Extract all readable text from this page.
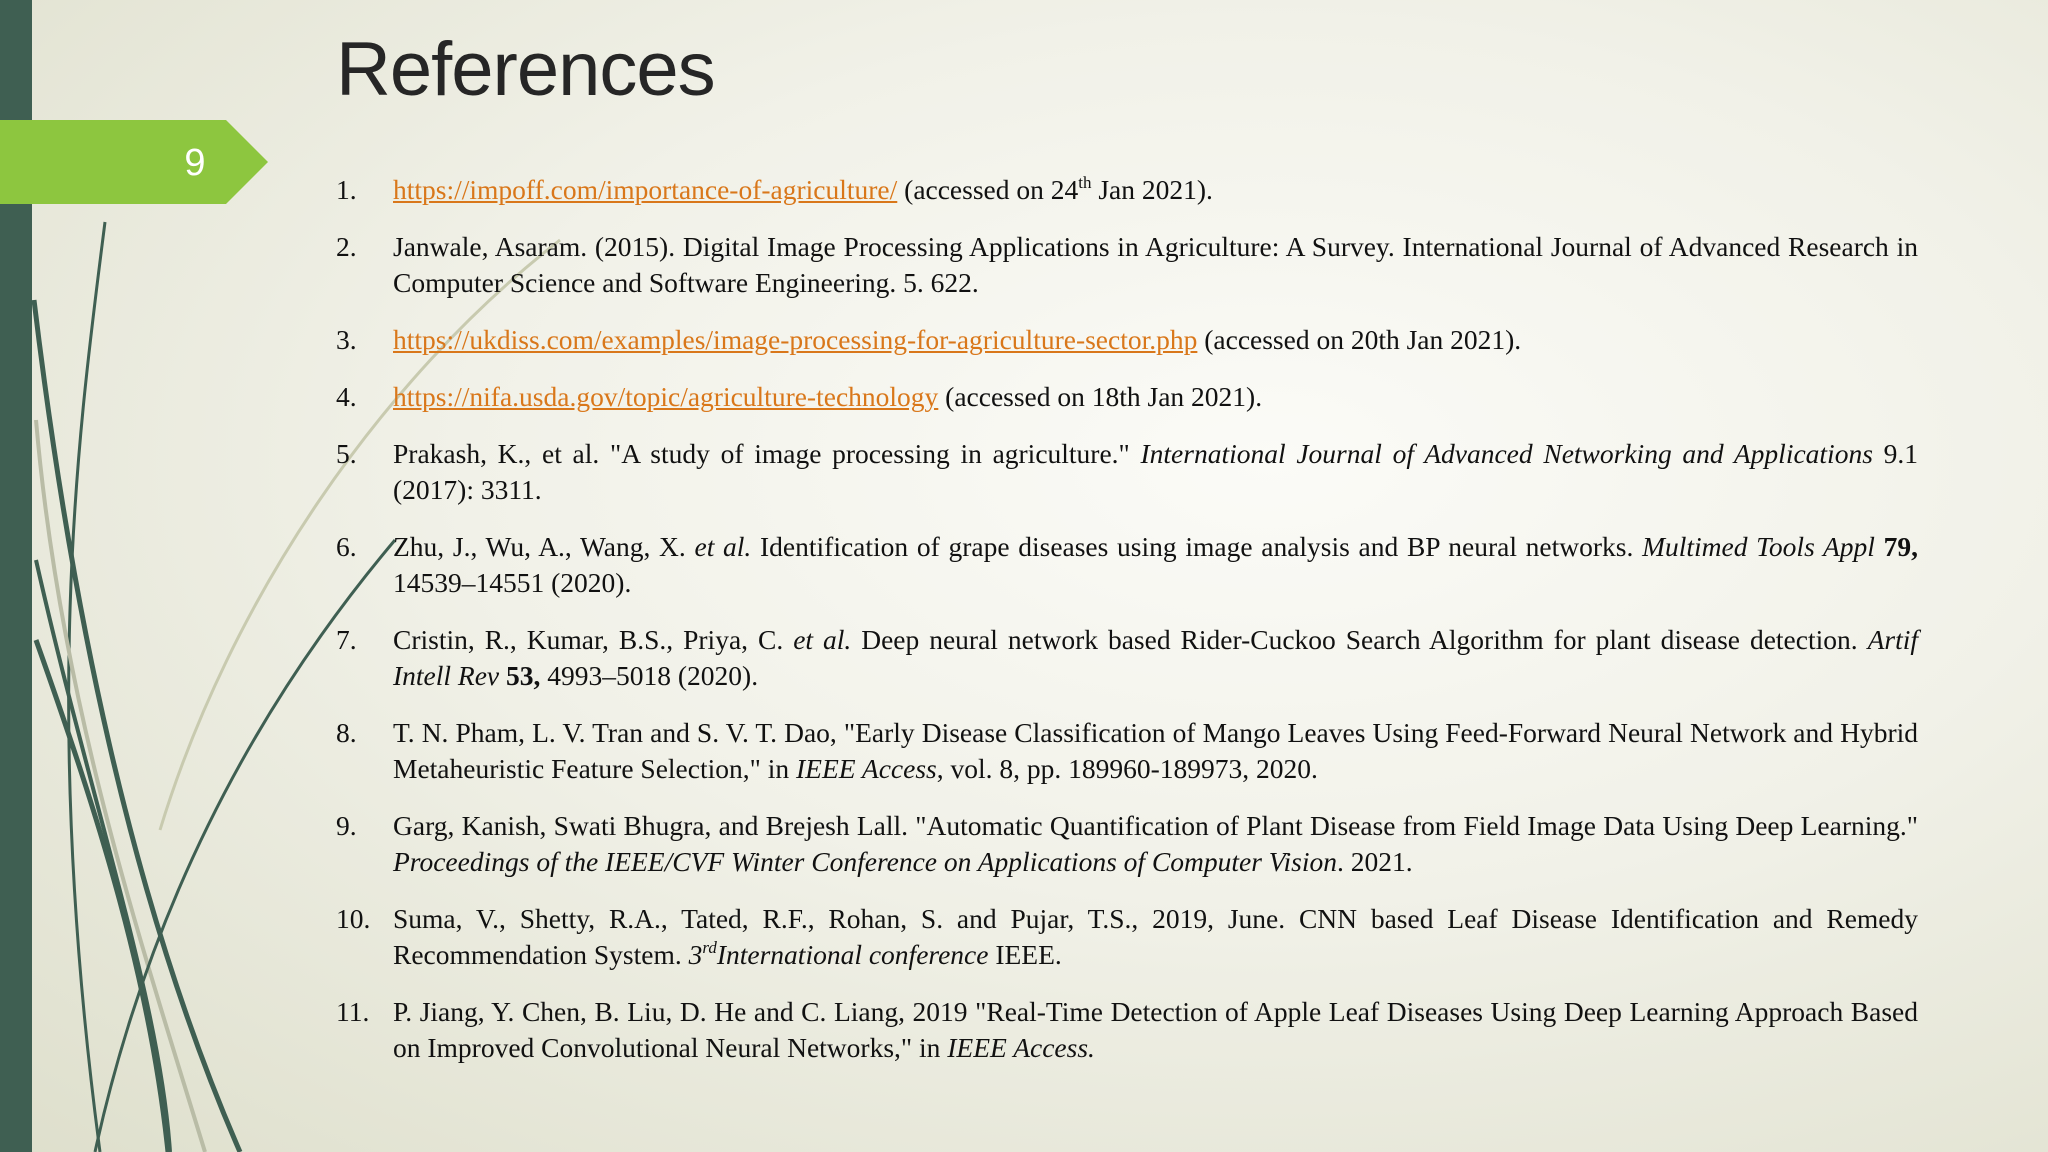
9
References
1.	https://impoff.com/importance-of-agriculture/ (accessed on 24th Jan 2021).
2.	Janwale, Asaram. (2015). Digital Image Processing Applications in Agriculture: A Survey. International Journal of Advanced Research in Computer Science and Software Engineering. 5. 622.
3.	https://ukdiss.com/examples/image-processing-for-agriculture-sector.php (accessed on 20th Jan 2021).
4.	https://nifa.usda.gov/topic/agriculture-technology (accessed on 18th Jan 2021).
5.	Prakash, K., et al. "A study of image processing in agriculture." International Journal of Advanced Networking and Applications 9.1 (2017): 3311.
6.	Zhu, J., Wu, A., Wang, X. et al. Identification of grape diseases using image analysis and BP neural networks. Multimed Tools Appl 79, 14539–14551 (2020).
7.	Cristin, R., Kumar, B.S., Priya, C. et al. Deep neural network based Rider-Cuckoo Search Algorithm for plant disease detection. Artif Intell Rev 53, 4993–5018 (2020).
8.	T. N. Pham, L. V. Tran and S. V. T. Dao, "Early Disease Classification of Mango Leaves Using Feed-Forward Neural Network and Hybrid Metaheuristic Feature Selection," in IEEE Access, vol. 8, pp. 189960-189973, 2020.
9.	Garg, Kanish, Swati Bhugra, and Brejesh Lall. "Automatic Quantification of Plant Disease from Field Image Data Using Deep Learning." Proceedings of the IEEE/CVF Winter Conference on Applications of Computer Vision. 2021.
10. Suma, V., Shetty, R.A., Tated, R.F., Rohan, S. and Pujar, T.S., 2019, June. CNN based Leaf Disease Identification and Remedy Recommendation System. 3rdInternational conference IEEE.
11. P. Jiang, Y. Chen, B. Liu, D. He and C. Liang, 2019 "Real-Time Detection of Apple Leaf Diseases Using Deep Learning Approach Based on Improved Convolutional Neural Networks," in IEEE Access.
